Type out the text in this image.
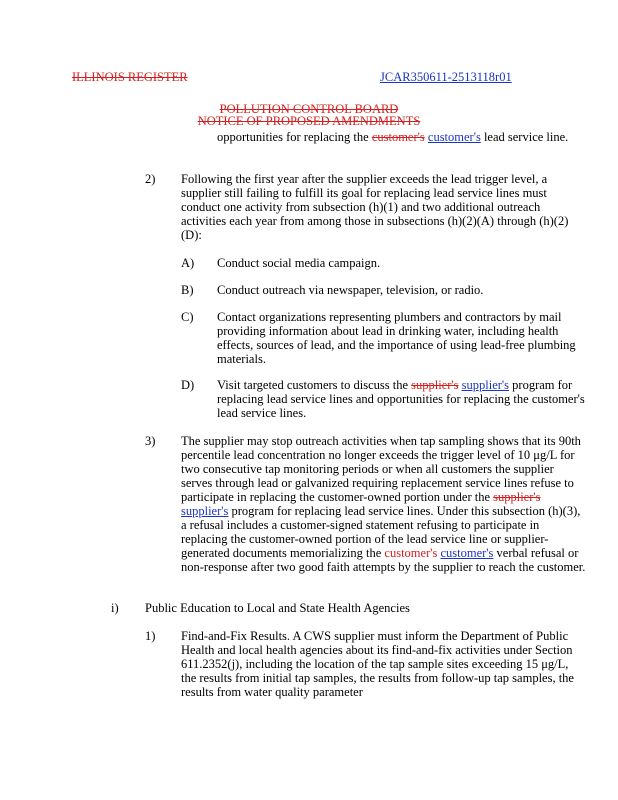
ILLINOIS REGISTER	JCAR350611-2513118r01
POLLUTION CONTROL BOARD
NOTICE OF PROPOSED AMENDMENTS
opportunities for replacing the customer's customer's lead service line.
2) Following the first year after the supplier exceeds the lead trigger level, a supplier still failing to fulfill its goal for replacing lead service lines must conduct one activity from subsection (h)(1) and two additional outreach activities each year from among those in subsections (h)(2)(A) through (h)(2)(D):
A) Conduct social media campaign.
B) Conduct outreach via newspaper, television, or radio.
C) Contact organizations representing plumbers and contractors by mail providing information about lead in drinking water, including health effects, sources of lead, and the importance of using lead-free plumbing materials.
D) Visit targeted customers to discuss the supplier's supplier's program for replacing lead service lines and opportunities for replacing the customer's lead service lines.
3) The supplier may stop outreach activities when tap sampling shows that its 90th percentile lead concentration no longer exceeds the trigger level of 10 μg/L for two consecutive tap monitoring periods or when all customers the supplier serves through lead or galvanized requiring replacement service lines refuse to participate in replacing the customer-owned portion under the supplier's supplier's program for replacing lead service lines. Under this subsection (h)(3), a refusal includes a customer-signed statement refusing to participate in replacing the customer-owned portion of the lead service line or supplier-generated documents memorializing the customer's customer's verbal refusal or non-response after two good faith attempts by the supplier to reach the customer.
i) Public Education to Local and State Health Agencies
1) Find-and-Fix Results. A CWS supplier must inform the Department of Public Health and local health agencies about its find-and-fix activities under Section 611.2352(j), including the location of the tap sample sites exceeding 15 μg/L, the results from initial tap samples, the results from follow-up tap samples, the results from water quality parameter
